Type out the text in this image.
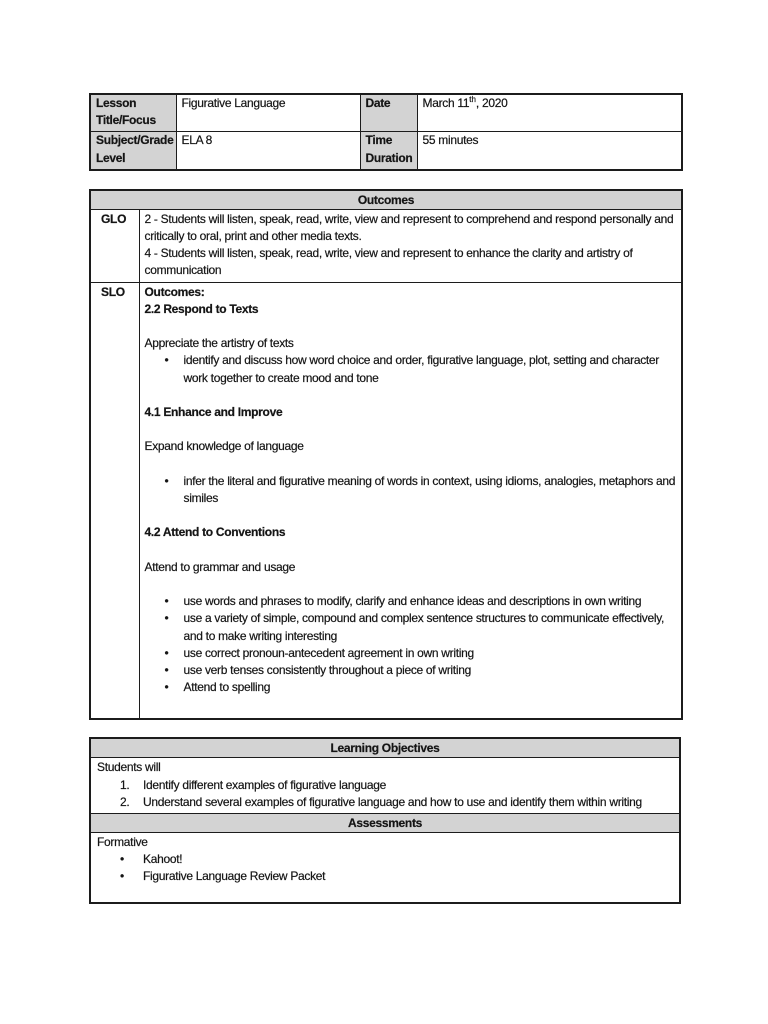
Lesson Title/Focus	Figurative Language	Date	March 11th, 2020
Subject/Grade Level	ELA 8	Time Duration	55 minutes
Outcomes	
GLO	2 - Students will listen, speak, read, write, view and represent to comprehend and respond personally and critically to oral, print and other media texts.

4 - Students will listen, speak, read, write, view and represent to enhance the clarity and artistry of communication

SLO	Outcomes:

2.2 Respond to Texts

Appreciate the artistry of texts

• identify and discuss how word choice and order, figurative language, plot, setting and character work together to create mood and tone

4.1 Enhance and Improve

Expand knowledge of language

• infer the literal and figurative meaning of words in context, using idioms, analogies, metaphors and similes

4.2 Attend to Conventions

Attend to grammar and usage

• use words and phrases to modify, clarify and enhance ideas and descriptions in own writing

• use a variety of simple, compound and complex sentence structures to communicate effectively, and to make writing interesting

• use correct pronoun-antecedent agreement in own writing

• use verb tenses consistently throughout a piece of writing

• Attend to spelling

Learning Objectives

Students will

1. Identify different examples of figurative language

2. Understand several examples of figurative language and how to use and identify them within writing

Assessments

Formative

• Kahoot!

• Figurative Language Review Packet
